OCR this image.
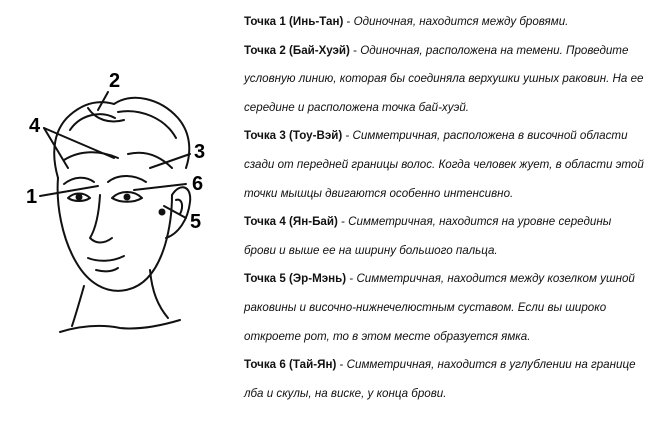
2
4
3
6
1
5

Точка 1 (Инь-Тан) - Одиночная, находится между бровями.

Точка 2 (Бай-Хуэй) - Одиночная, расположена на темени. Проведите условную линию, которая бы соединяла верхушки ушных раковин. На ее середине и расположена точка бай-хуэй.

Точка 3 (Тоу-Вэй) - Симметричная, расположена в височной области сзади от передней границы волос. Когда человек жует, в области этой точки мышцы двигаются особенно интенсивно.

Точка 4 (Ян-Бай) - Симметричная, находится на уровне середины брови и выше ее на ширину большого пальца.

Точка 5 (Эр-Мэнь) - Симметричная, находится между козелком ушной раковины и височно-нижнечелюстным суставом. Если вы широко откроете рот, то в этом месте образуется ямка.

Точка 6 (Тай-Ян) - Симметричная, находится в углублении на границе лба и скулы, на виске, у конца брови.
